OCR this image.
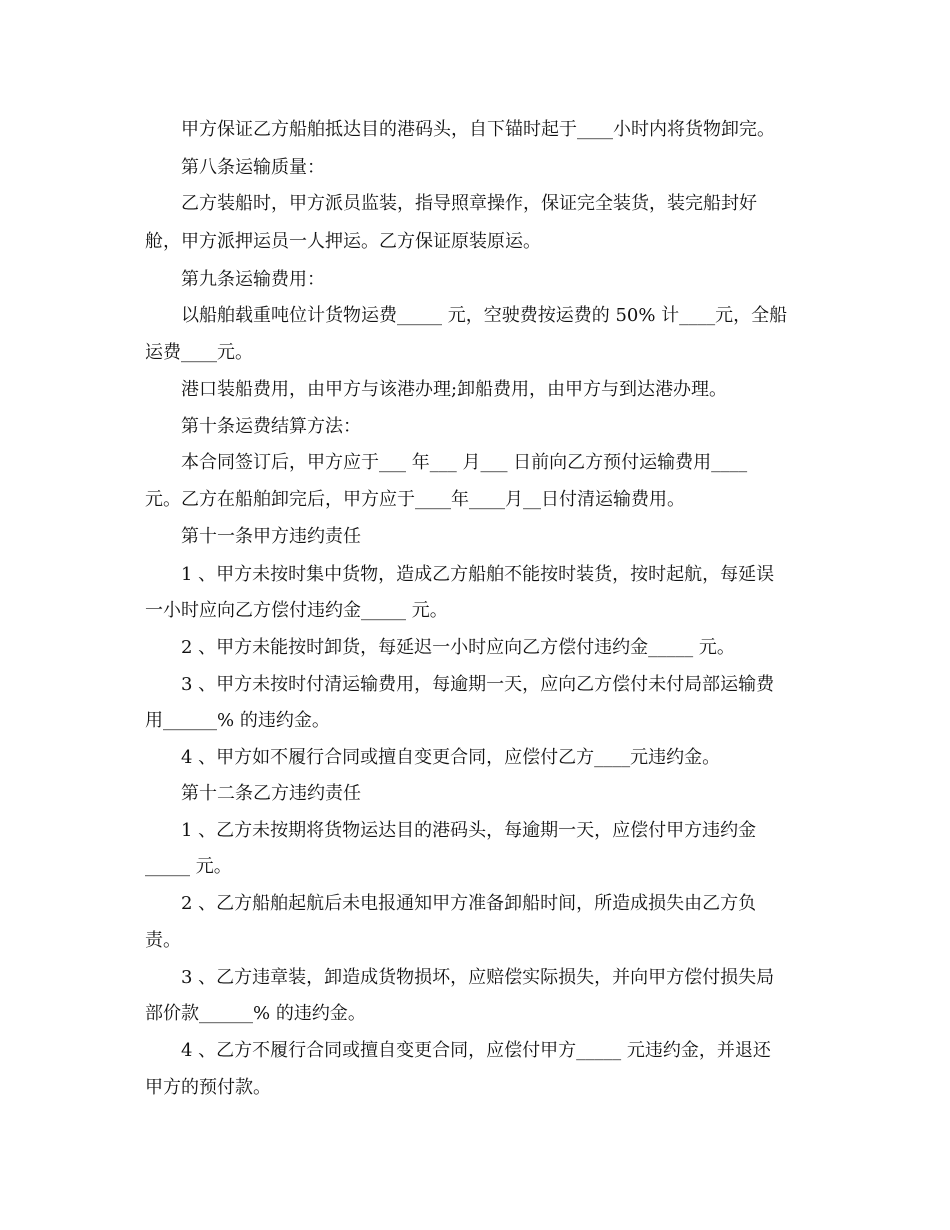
甲方保证乙方船舶抵达目的港码头，自下锚时起于____小时内将货物卸完。
第八条运输质量：
乙方装船时，甲方派员监装，指导照章操作，保证完全装货，装完船封好
舱，甲方派押运员一人押运。乙方保证原装原运。
第九条运输费用：
以船舶载重吨位计货物运费_____ 元，空驶费按运费的 50% 计____元，全船
运费____元。
港口装船费用，由甲方与该港办理;卸船费用，由甲方与到达港办理。
第十条运费结算方法：
本合同签订后，甲方应于___ 年___ 月___ 日前向乙方预付运输费用____
元。乙方在船舶卸完后，甲方应于____年____月__日付清运输费用。
第十一条甲方违约责任
1 、甲方未按时集中货物，造成乙方船舶不能按时装货，按时起航，每延误
一小时应向乙方偿付违约金_____ 元。
2 、甲方未能按时卸货，每延迟一小时应向乙方偿付违约金_____ 元。
3 、甲方未按时付清运输费用，每逾期一天，应向乙方偿付未付局部运输费
用______% 的违约金。
4 、甲方如不履行合同或擅自变更合同，应偿付乙方____元违约金。
第十二条乙方违约责任
1 、乙方未按期将货物运达目的港码头，每逾期一天，应偿付甲方违约金
_____ 元。
2 、乙方船舶起航后未电报通知甲方准备卸船时间，所造成损失由乙方负
责。
3 、乙方违章装，卸造成货物损坏，应赔偿实际损失，并向甲方偿付损失局
部价款______% 的违约金。
4 、乙方不履行合同或擅自变更合同，应偿付甲方_____ 元违约金，并退还
甲方的预付款。
